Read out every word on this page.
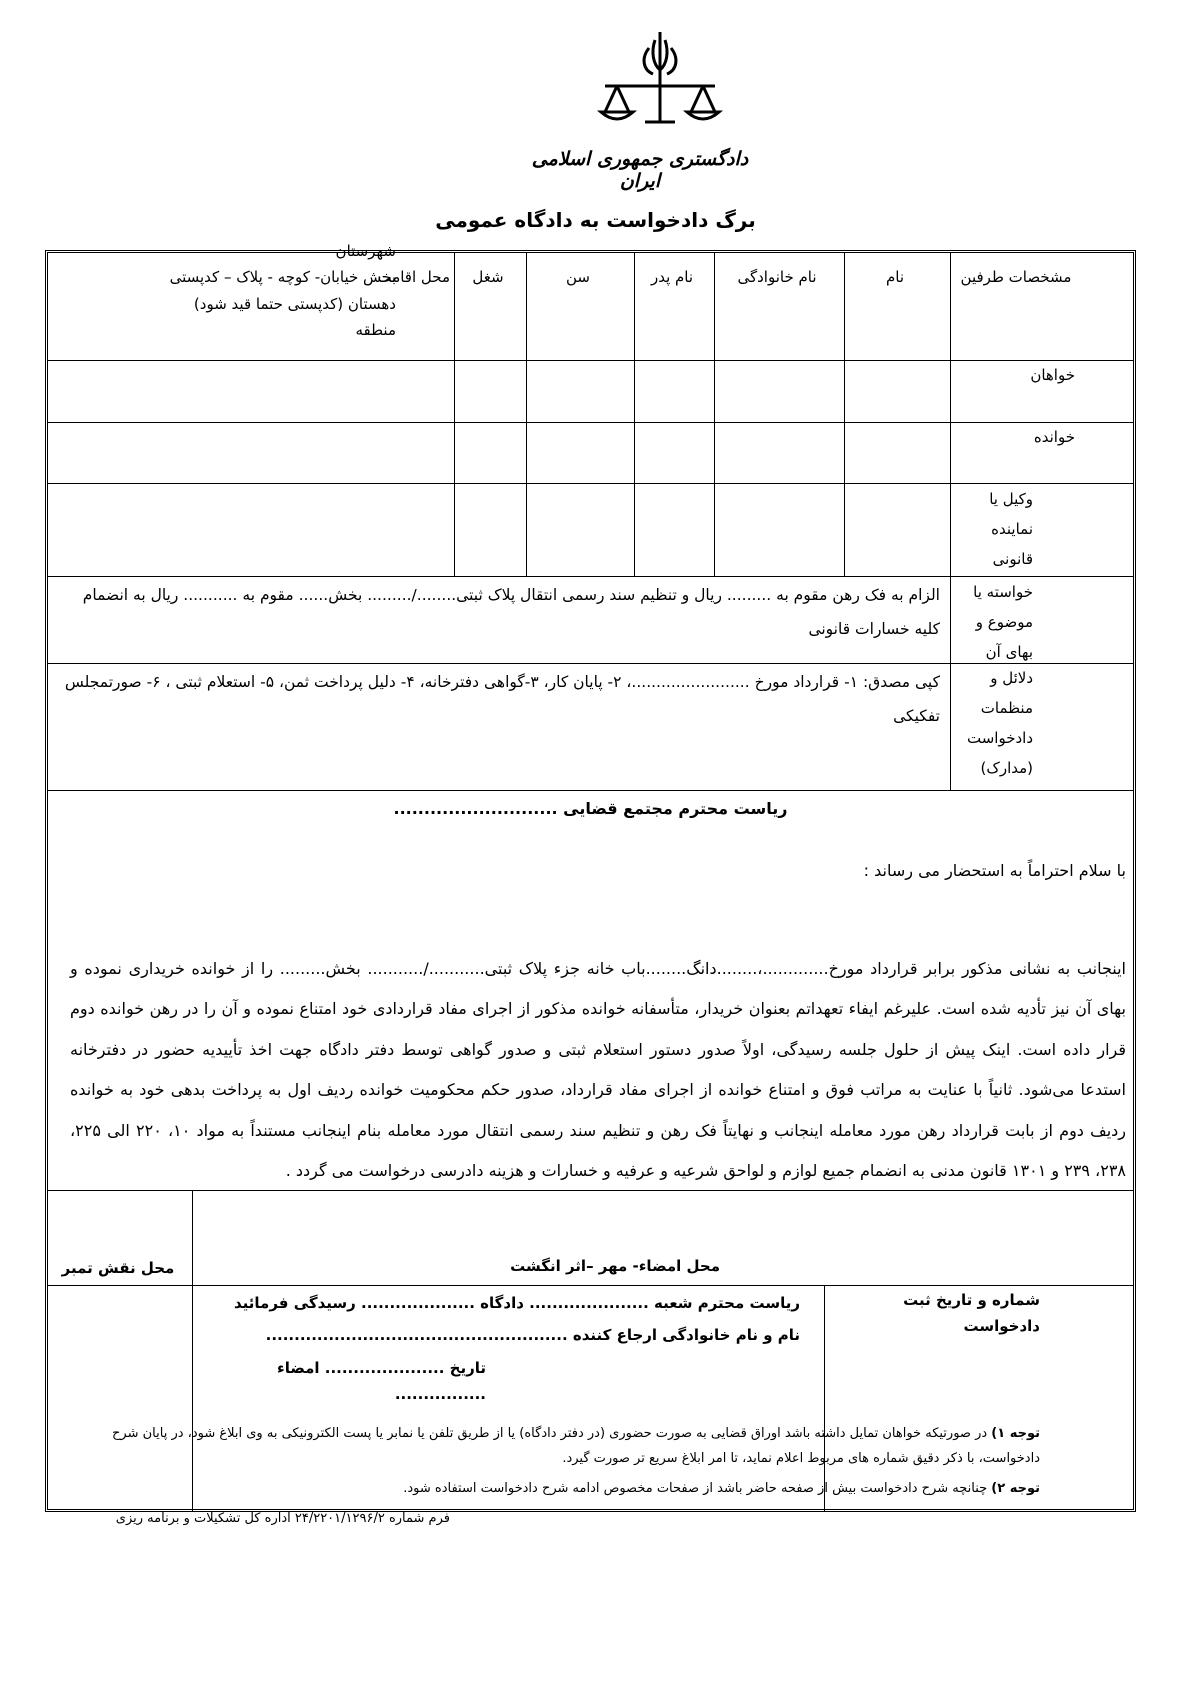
دادگستری جمهوری اسلامی ایران
برگ دادخواست به دادگاه عمومی
مشخصات طرفین
نام
نام خانوادگی
نام پدر
سن
شغل
محل اقامت
شهرستان
بخش خیابان- کوچه - پلاک – کدپستی
دهستان (کدپستی حتما قید شود)
منطقه
خواهان
خوانده
وکیل یا نماینده قانونی
خواسته یا موضوع و بهای آن
الزام به فک رهن مقوم به ......... ریال و تنظیم سند رسمی انتقال پلاک ثبتی......../......... بخش...... مقوم به ........... ریال به انضمام کلیه خسارات قانونی
دلائل و منظمات دادخواست (مدارک)
کپی مصدق: ۱- قرارداد مورخ ........................، ۲- پایان کار، ۳-گواهی دفترخانه، ۴- دلیل پرداخت ثمن، ۵- استعلام ثبتی ، ۶- صورتمجلس تفکیکی
ریاست محترم مجتمع قضایی ...........................
با سلام احتراماً به استحضار می رساند :

اینجانب به نشانی مذکور برابر قرارداد مورخ.............،........دانگ........باب خانه جزء پلاک ثبتی.........../........... بخش......... را از خوانده خریداری نموده و بهای آن نیز تأدیه شده است. علیرغم ایفاء تعهداتم بعنوان خریدار، متأسفانه خوانده مذکور از اجرای مفاد قراردادی خود امتناع نموده و آن را در رهن خوانده دوم قرار داده است. اینک پیش از حلول جلسه رسیدگی، اولاً صدور دستور استعلام ثبتی و صدور گواهی توسط دفتر دادگاه جهت اخذ تأییدیه حضور در دفترخانه استدعا می‌شود. ثانیاً با عنایت به مراتب فوق و امتناع خوانده از اجرای مفاد قرارداد، صدور حکم محکومیت خوانده ردیف اول به پرداخت بدهی خود به خوانده ردیف دوم از بابت قرارداد رهن مورد معامله اینجانب و نهایتاً فک رهن و تنظیم سند رسمی انتقال مورد معامله بنام اینجانب مستنداً به مواد ۱۰، ۲۲۰ الی ۲۲۵، ۲۳۸، ۲۳۹ و ۱۳۰۱ قانون مدنی به انضمام جمیع لوازم و لواحق شرعیه و عرفیه و خسارات و هزینه دادرسی درخواست می گردد .

محل نقش تمبر	محل امضاء- مهر –اثر انگشت
شماره و تاریخ ثبت دادخواست
ریاست محترم شعبه ..................... دادگاه .................... رسیدگی فرمائید
نام و نام خانوادگی ارجاع کننده .....................................................
تاریخ ..................... امضاء ................
توجه ۱) در صورتیکه خواهان تمایل داشته باشد اوراق قضایی به صورت حضوری (در دفتر دادگاه) یا از طریق تلفن یا نمابر یا پست الکترونیکی به وی ابلاغ شود، در پایان شرح دادخواست، با ذکر دقیق شماره های مربوط اعلام نماید، تا امر ابلاغ سریع تر صورت گیرد.
توجه ۲) چنانچه شرح دادخواست بیش از صفحه حاضر باشد از صفحات مخصوص ادامه شرح دادخواست استفاده شود.
فرم شماره ۲۴/۲۲۰۱/۱۲۹۶/۲ اداره کل تشکیلات و برنامه ریزی
